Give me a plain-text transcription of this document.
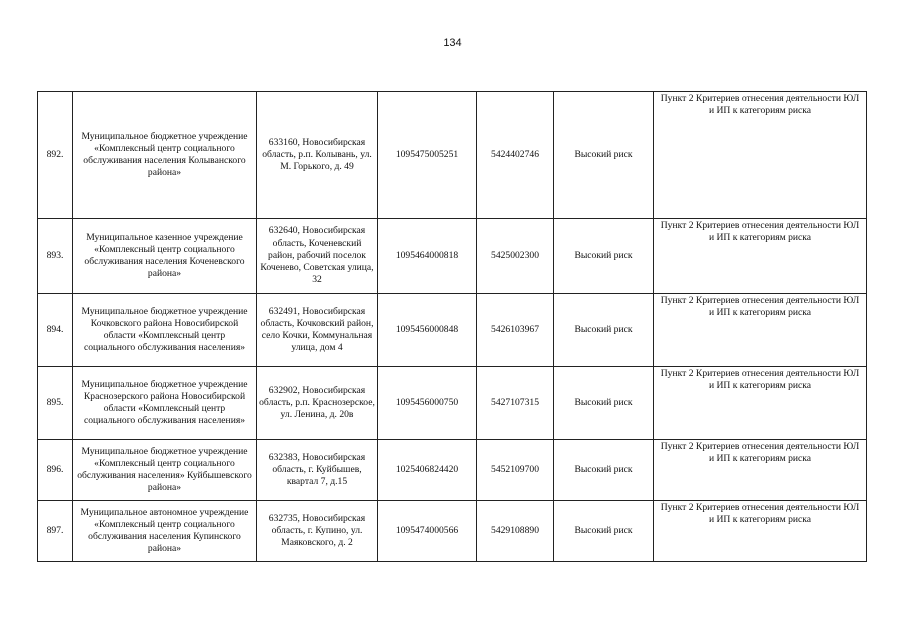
134
892.	Муниципальное бюджетное учреждение «Комплексный центр социального обслуживания населения Колыванского района»	633160, Новосибирская область, р.п. Колывань, ул. М. Горького, д. 49	1095475005251	5424402746	Высокий риск	Пункт 2 Критериев отнесения деятельности ЮЛ и ИП к категориям риска
893.	Муниципальное казенное учреждение «Комплексный центр социального обслуживания населения Коченевского района»	632640, Новосибирская область, Коченевский район, рабочий поселок Коченево, Советская улица, 32	1095464000818	5425002300	Высокий риск	Пункт 2 Критериев отнесения деятельности ЮЛ и ИП к категориям риска
894.	Муниципальное бюджетное учреждение Кочковского района Новосибирской области «Комплексный центр социального обслуживания населения»	632491, Новосибирская область, Кочковский район, село Кочки, Коммунальная улица, дом 4	1095456000848	5426103967	Высокий риск	Пункт 2 Критериев отнесения деятельности ЮЛ и ИП к категориям риска
895.	Муниципальное бюджетное учреждение Краснозерского района Новосибирской области «Комплексный центр социального обслуживания населения»	632902, Новосибирская область, р.п. Краснозерское, ул. Ленина, д. 20в	1095456000750	5427107315	Высокий риск	Пункт 2 Критериев отнесения деятельности ЮЛ и ИП к категориям риска
896.	Муниципальное бюджетное учреждение «Комплексный центр социального обслуживания населения» Куйбышевского района»	632383, Новосибирская область, г. Куйбышев, квартал 7, д.15	1025406824420	5452109700	Высокий риск	Пункт 2 Критериев отнесения деятельности ЮЛ и ИП к категориям риска
897.	Муниципальное автономное учреждение «Комплексный центр социального обслуживания населения Купинского района»	632735, Новосибирская область, г. Купино, ул. Маяковского, д. 2	1095474000566	5429108890	Высокий риск	Пункт 2 Критериев отнесения деятельности ЮЛ и ИП к категориям риска
